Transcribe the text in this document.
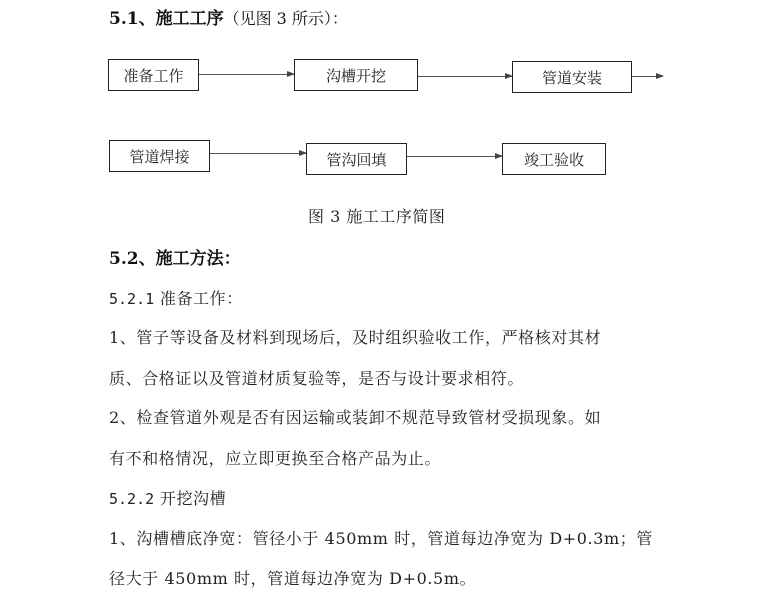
5.1、施工工序（见图 3 所示）：
准备工作	沟槽开挖	管道安装
管道焊接	管沟回填	竣工验收
图 3 施工工序简图
5.2、施工方法：
5.2.1 准备工作：
1、管子等设备及材料到现场后，及时组织验收工作，严格核对其材
质、合格证以及管道材质复验等，是否与设计要求相符。
2、检查管道外观是否有因运输或装卸不规范导致管材受损现象。如
有不和格情况，应立即更换至合格产品为止。
5.2.2 开挖沟槽
1、沟槽槽底净宽：管径小于 450mm 时，管道每边净宽为 D+0.3m；管
径大于 450mm 时，管道每边净宽为 D+0.5m。
